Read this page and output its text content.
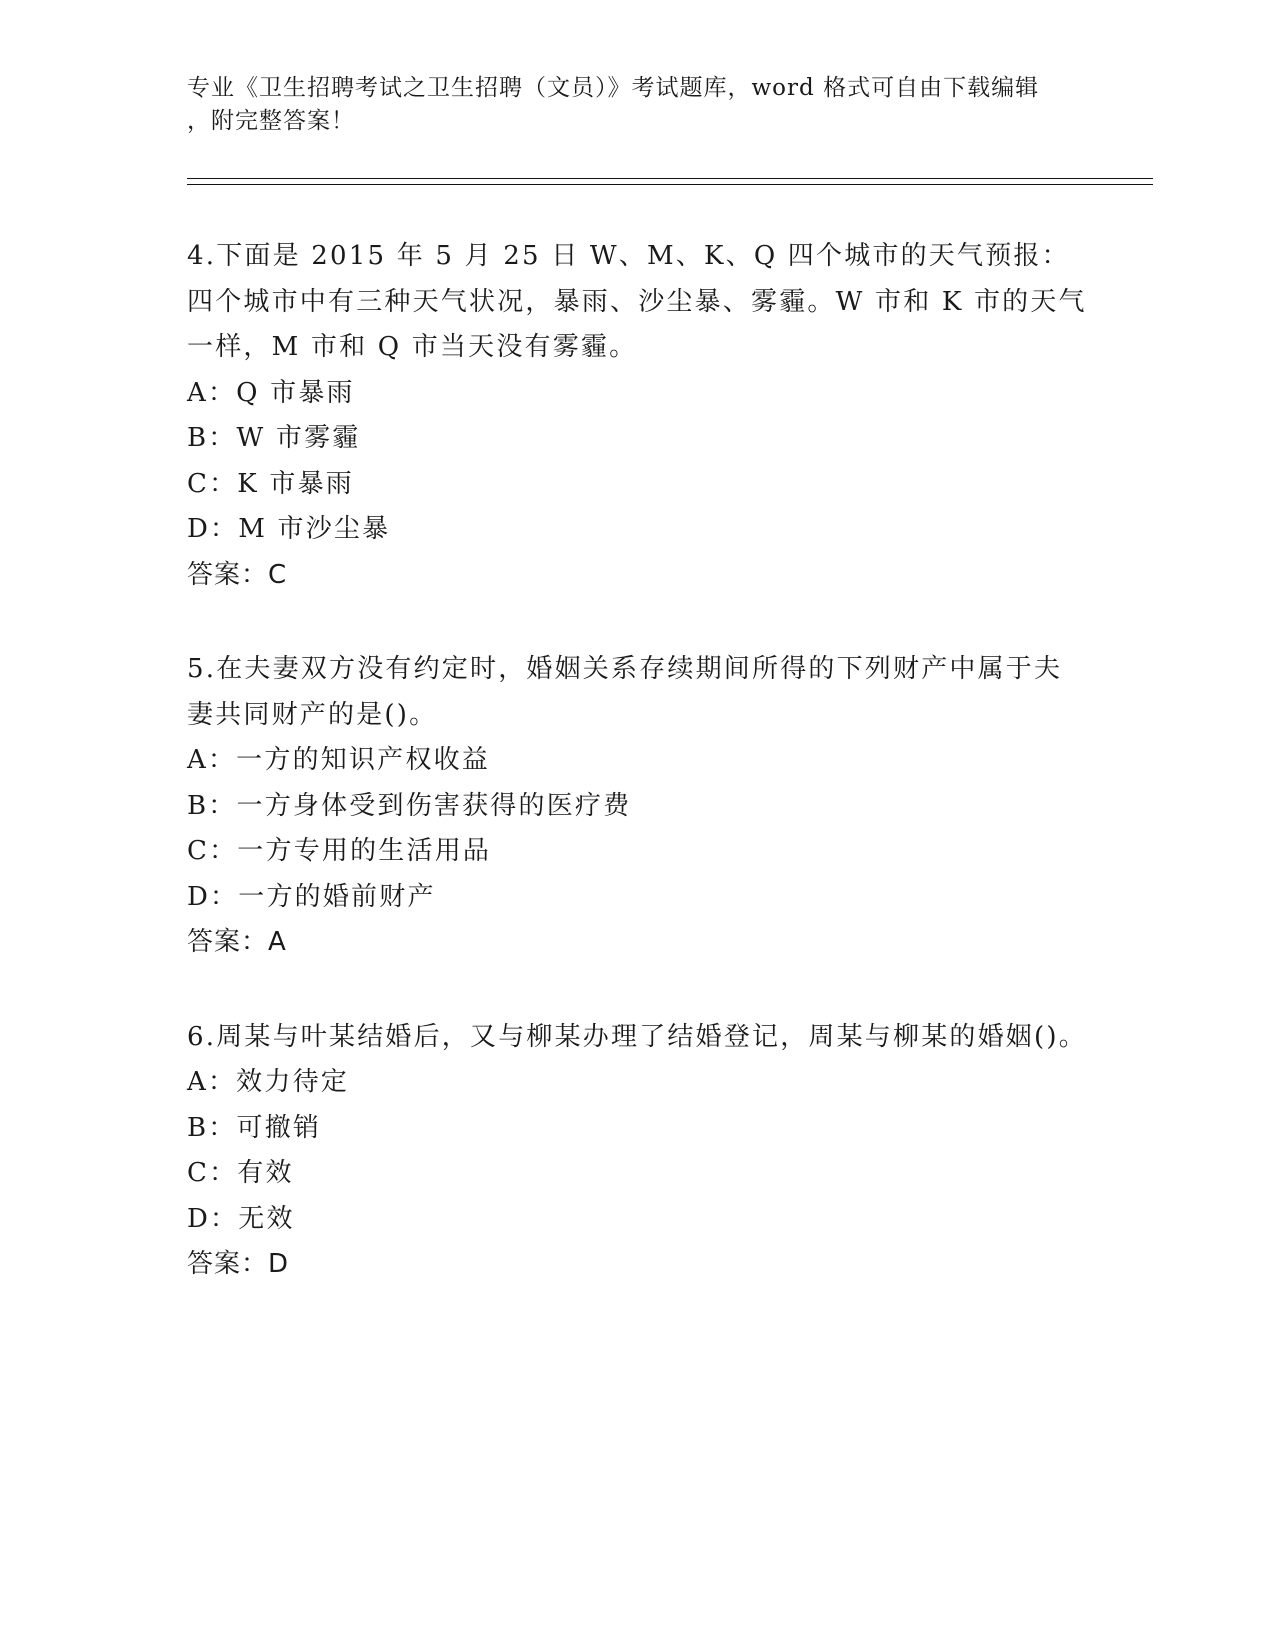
专业《卫生招聘考试之卫生招聘（文员）》考试题库，word 格式可自由下载编辑
，附完整答案！

4.下面是 2015 年 5 月 25 日 W、M、K、Q 四个城市的天气预报：四个城市中有三种天气状况，暴雨、沙尘暴、雾霾。W 市和 K 市的天气一样，M 市和 Q 市当天没有雾霾。

A：Q 市暴雨

B：W 市雾霾

C：K 市暴雨

D：M 市沙尘暴

答案：C

5.在夫妻双方没有约定时，婚姻关系存续期间所得的下列财产中属于夫妻共同财产的是()。

A：一方的知识产权收益

B：一方身体受到伤害获得的医疗费

C：一方专用的生活用品

D：一方的婚前财产

答案：A

6.周某与叶某结婚后，又与柳某办理了结婚登记，周某与柳某的婚姻()。

A：效力待定

B：可撤销

C：有效

D：无效

答案：D
